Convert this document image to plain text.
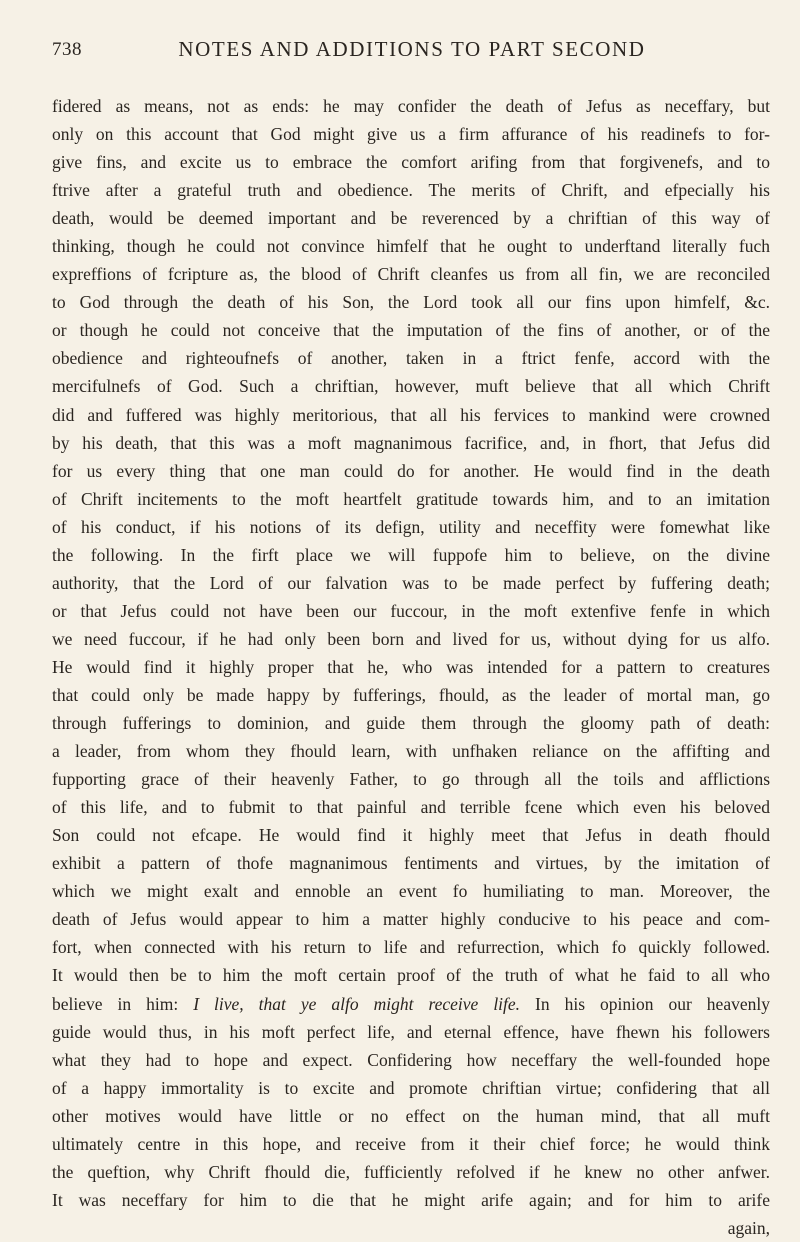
738	NOTES AND ADDITIONS TO PART SECOND
fidered as means, not as ends: he may confider the death of Jefus as neceffary, but
only on this account that God might give us a firm affurance of his readinefs to for-
give fins, and excite us to embrace the comfort arifing from that forgivenefs, and to
ftrive after a grateful truth and obedience. The merits of Chrift, and efpecially his
death, would be deemed important and be reverenced by a chriftian of this way of
thinking, though he could not convince himfelf that he ought to underftand literally fuch
expreffions of fcripture as, the blood of Chrift cleanfes us from all fin, we are reconciled
to God through the death of his Son, the Lord took all our fins upon himfelf, &c.
or though he could not conceive that the imputation of the fins of another, or of the
obedience and righteoufnefs of another, taken in a ftrict fenfe, accord with the
mercifulnefs of God. Such a chriftian, however, muft believe that all which Chrift
did and fuffered was highly meritorious, that all his fervices to mankind were crowned
by his death, that this was a moft magnanimous facrifice, and, in fhort, that Jefus did
for us every thing that one man could do for another. He would find in the death
of Chrift incitements to the moft heartfelt gratitude towards him, and to an imitation
of his conduct, if his notions of its defign, utility and neceffity were fomewhat like
the following. In the firft place we will fuppofe him to believe, on the divine
authority, that the Lord of our falvation was to be made perfect by fuffering death;
or that Jefus could not have been our fuccour, in the moft extenfive fenfe in which
we need fuccour, if he had only been born and lived for us, without dying for us alfo.
He would find it highly proper that he, who was intended for a pattern to creatures
that could only be made happy by fufferings, fhould, as the leader of mortal man, go
through fufferings to dominion, and guide them through the gloomy path of death:
a leader, from whom they fhould learn, with unfhaken reliance on the affifting and
fupporting grace of their heavenly Father, to go through all the toils and afflictions
of this life, and to fubmit to that painful and terrible fcene which even his beloved
Son could not efcape. He would find it highly meet that Jefus in death fhould
exhibit a pattern of thofe magnanimous fentiments and virtues, by the imitation of
which we might exalt and ennoble an event fo humiliating to man. Moreover, the
death of Jefus would appear to him a matter highly conducive to his peace and com-
fort, when connected with his return to life and refurrection, which fo quickly followed.
It would then be to him the moft certain proof of the truth of what he faid to all who
believe in him: I live, that ye alfo might receive life. In his opinion our heavenly
guide would thus, in his moft perfect life, and eternal effence, have fhewn his followers
what they had to hope and expect. Confidering how neceffary the well-founded hope
of a happy immortality is to excite and promote chriftian virtue; confidering that all
other motives would have little or no effect on the human mind, that all muft
ultimately centre in this hope, and receive from it their chief force; he would think
the queftion, why Chrift fhould die, fufficiently refolved if he knew no other anfwer.
It was neceffary for him to die that he might arife again; and for him to arife
again,
